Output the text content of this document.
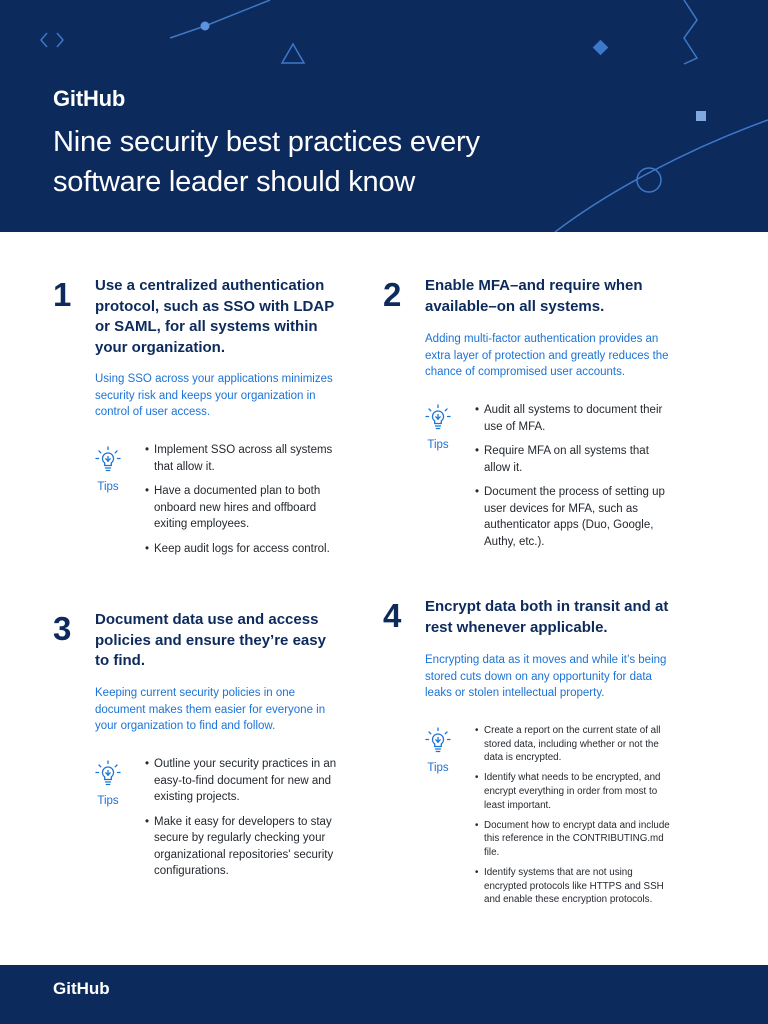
GitHub
Nine security best practices every software leader should know
1 Use a centralized authentication protocol, such as SSO with LDAP or SAML, for all systems within your organization.
Using SSO across your applications minimizes security risk and keeps your organization in control of user access.
Tips
• Implement SSO across all systems that allow it.
• Have a documented plan to both onboard new hires and offboard exiting employees.
• Keep audit logs for access control.
2 Enable MFA–and require when available–on all systems.
Adding multi-factor authentication provides an extra layer of protection and greatly reduces the chance of compromised user accounts.
Tips
• Audit all systems to document their use of MFA.
• Require MFA on all systems that allow it.
• Document the process of setting up user devices for MFA, such as authenticator apps (Duo, Google, Authy, etc.).
3 Document data use and access policies and ensure they’re easy to find.
Keeping current security policies in one document makes them easier for everyone in your organization to find and follow.
Tips
• Outline your security practices in an easy-to-find document for new and existing projects.
• Make it easy for developers to stay secure by regularly checking your organizational repositories' security configurations.
4 Encrypt data both in transit and at rest whenever applicable.
Encrypting data as it moves and while it’s being stored cuts down on any opportunity for data leaks or stolen intellectual property.
Tips
• Create a report on the current state of all stored data, including whether or not the data is encrypted.
• Identify what needs to be encrypted, and encrypt everything in order from most to least important.
• Document how to encrypt data and include this reference in the CONTRIBUTING.md file.
• Identify systems that are not using encrypted protocols like HTTPS and SSH and enable these encryption protocols.
GitHub
